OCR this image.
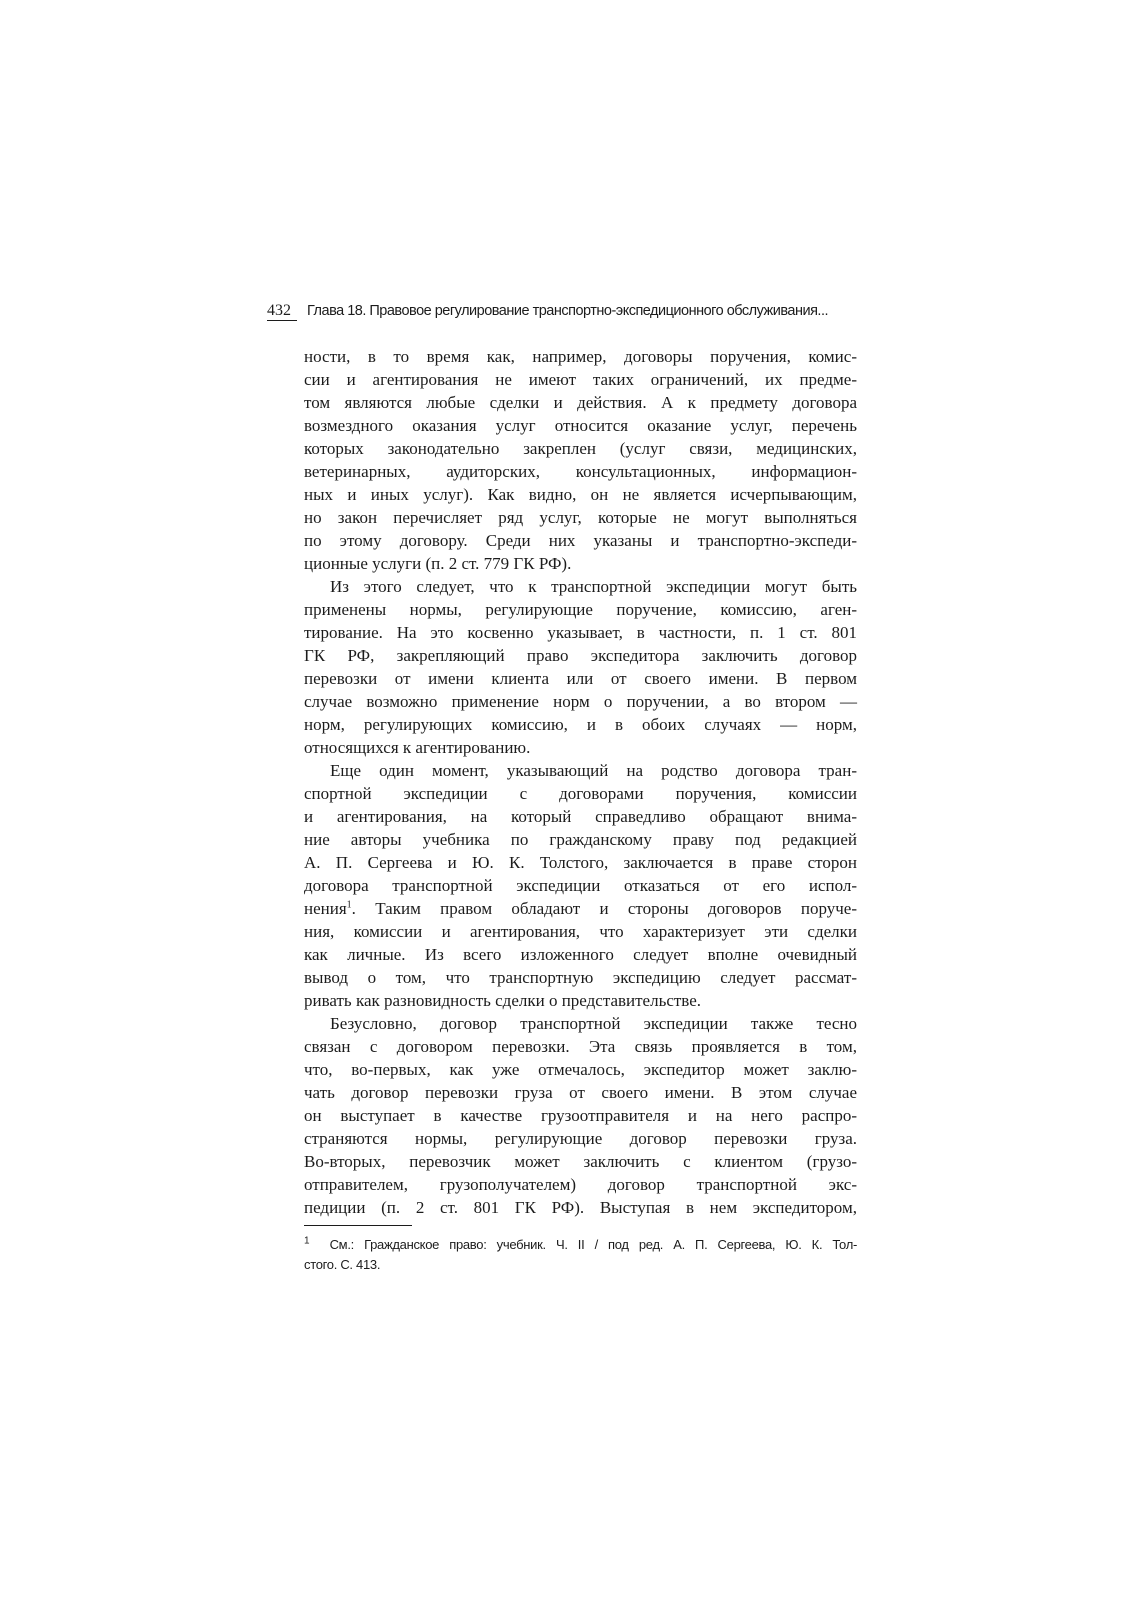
432 Глава 18. Правовое регулирование транспортно-экспедиционного обслуживания...
ности, в то время как, например, договоры поручения, комис-
сии и агентирования не имеют таких ограничений, их предме-
том являются любые сделки и действия. А к предмету договора
возмездного оказания услуг относится оказание услуг, перечень
которых законодательно закреплен (услуг связи, медицинских,
ветеринарных, аудиторских, консультационных, информацион-
ных и иных услуг). Как видно, он не является исчерпывающим,
но закон перечисляет ряд услуг, которые не могут выполняться
по этому договору. Среди них указаны и транспортно-экспеди-
ционные услуги (п. 2 ст. 779 ГК РФ).
Из этого следует, что к транспортной экспедиции могут быть
применены нормы, регулирующие поручение, комиссию, аген-
тирование. На это косвенно указывает, в частности, п. 1 ст. 801
ГК РФ, закрепляющий право экспедитора заключить договор
перевозки от имени клиента или от своего имени. В первом
случае возможно применение норм о поручении, а во втором —
норм, регулирующих комиссию, и в обоих случаях — норм,
относящихся к агентированию.
Еще один момент, указывающий на родство договора тран-
спортной экспедиции с договорами поручения, комиссии
и агентирования, на который справедливо обращают внима-
ние авторы учебника по гражданскому праву под редакцией
А. П. Сергеева и Ю. К. Толстого, заключается в праве сторон
договора транспортной экспедиции отказаться от его испол-
нения$^1$. Таким правом обладают и стороны договоров поруче-
ния, комиссии и агентирования, что характеризует эти сделки
как личные. Из всего изложенного следует вполне очевидный
вывод о том, что транспортную экспедицию следует рассмат-
ривать как разновидность сделки о представительстве.
Безусловно, договор транспортной экспедиции также тесно
связан с договором перевозки. Эта связь проявляется в том,
что, во-первых, как уже отмечалось, экспедитор может заклю-
чать договор перевозки груза от своего имени. В этом случае
он выступает в качестве грузоотправителя и на него распро-
страняются нормы, регулирующие договор перевозки груза.
Во-вторых, перевозчик может заключить с клиентом (грузо-
отправителем, грузополучателем) договор транспортной экс-
педиции (п. 2 ст. 801 ГК РФ). Выступая в нем экспедитором,
$^1$ См.: Гражданское право: учебник. Ч. II / под ред. А. П. Сергеева, Ю. К. Тол-
стого. С. 413.
